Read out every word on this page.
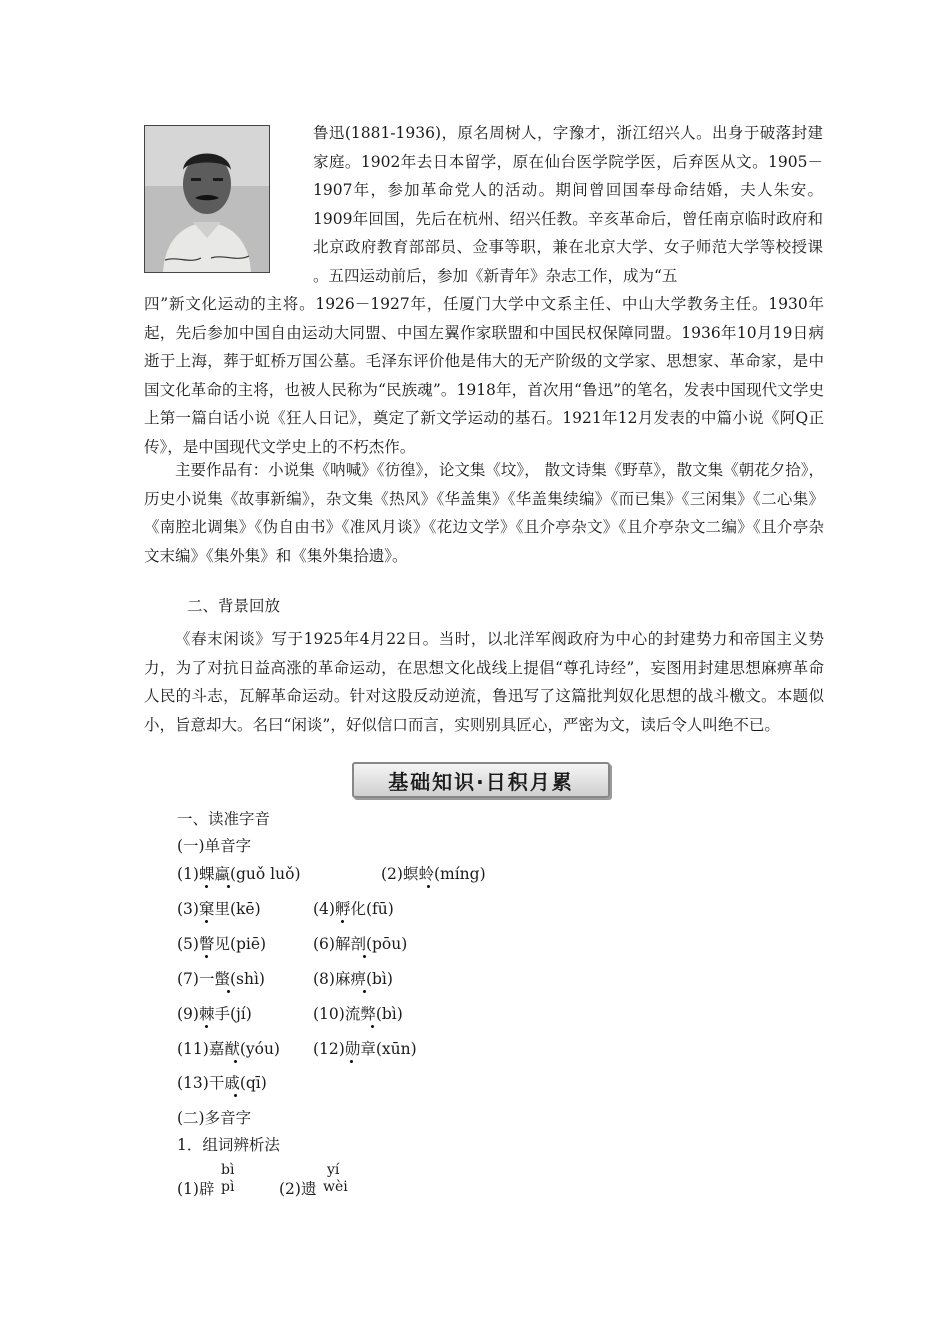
鲁迅(1881-1936)，原名周树人，字豫才，浙江绍兴人。出身于破落封建家庭。1902年去日本留学，原在仙台医学院学医，后弃医从文。1905－1907年，参加革命党人的活动。期间曾回国奉母命结婚，夫人朱安。1909年回国，先后在杭州、绍兴任教。辛亥革命后，曾任南京临时政府和北京政府教育部部员、佥事等职，兼在北京大学、女子师范大学等校授课 。五四运动前后，参加《新青年》杂志工作，成为“五

四”新文化运动的主将。1926－1927年，任厦门大学中文系主任、中山大学教务主任。1930年起，先后参加中国自由运动大同盟、中国左翼作家联盟和中国民权保障同盟。1936年10月19日病逝于上海，葬于虹桥万国公墓。毛泽东评价他是伟大的无产阶级的文学家、思想家、革命家，是中国文化革命的主将，也被人民称为“民族魂”。1918年，首次用“鲁迅”的笔名，发表中国现代文学史上第一篇白话小说《狂人日记》，奠定了新文学运动的基石。1921年12月发表的中篇小说《阿Q正传》，是中国现代文学史上的不朽杰作。

主要作品有：小说集《呐喊》《彷徨》，论文集《坟》， 散文诗集《野草》，散文集《朝花夕拾》，历史小说集《故事新编》，杂文集《热风》《华盖集》《华盖集续编》《而已集》《三闲集》《二心集》《南腔北调集》《伪自由书》《准风月谈》《花边文学》《且介亭杂文》《且介亭杂文二编》《且介亭杂文末编》《集外集》和《集外集拾遗》。

二、背景回放

《春末闲谈》写于1925年4月22日。当时，以北洋军阀政府为中心的封建势力和帝国主义势力，为了对抗日益高涨的革命运动，在思想文化战线上提倡“尊孔诗经”，妄图用封建思想麻痹革命人民的斗志，瓦解革命运动。针对这股反动逆流，鲁迅写了这篇批判奴化思想的战斗檄文。本题似小，旨意却大。名曰“闲谈”，好似信口而言，实则别具匠心，严密为文，读后令人叫绝不已。

基础知识·日积月累
一、读准字音
(一)单音字
(1)蜾蠃(guǒ luǒ)	(2)螟蛉(míng)
(3)窠里(kē)	(4)孵化(fū)
(5)瞥见(piē)	(6)解剖(pōu)
(7)一蟞(shì)	(8)麻痹(bì)
(9)棘手(jí)	(10)流弊(bì)
(11)嘉猷(yóu) (12)勋章(xūn)
(13)干戚(qī)
(二)多音字
1．组词辨析法
(1)辟
bì
pì	(2)遗
yí
wèi
